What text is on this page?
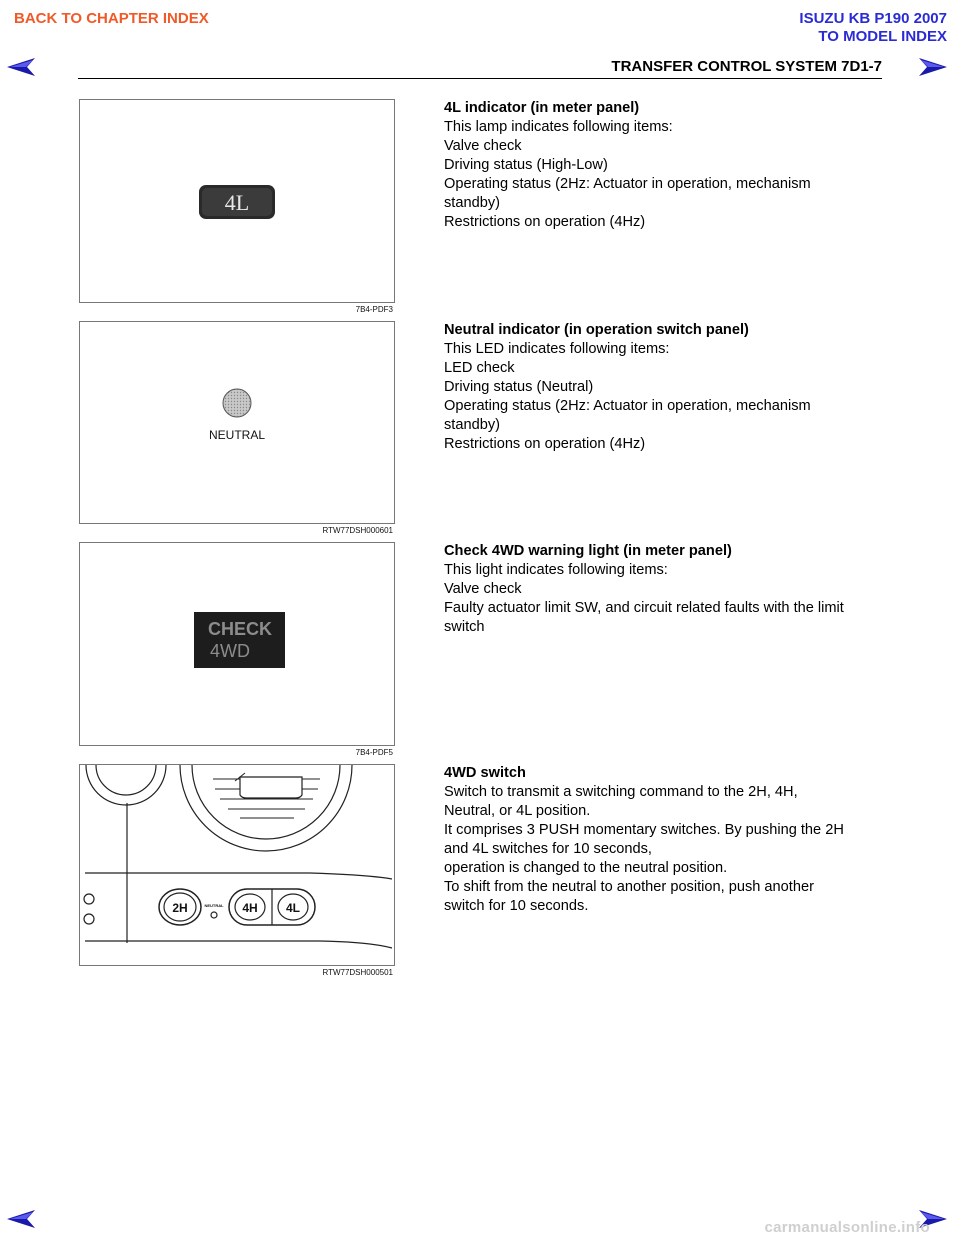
BACK TO CHAPTER INDEX	ISUZU KB P190 2007
TO MODEL INDEX
TRANSFER CONTROL SYSTEM 7D1-7
4L
7B4-PDF3
4L indicator (in meter panel)
This lamp indicates following items:
Valve check
Driving status (High-Low)
Operating status (2Hz: Actuator in operation, mechanism
standby)
Restrictions on operation (4Hz)
NEUTRAL
RTW77DSH000601
Neutral indicator (in operation switch panel)
This LED indicates following items:
LED check
Driving status (Neutral)
Operating status (2Hz: Actuator in operation, mechanism
standby)
Restrictions on operation (4Hz)
CHECK
4WD
7B4-PDF5
Check 4WD warning light (in meter panel)
This light indicates following items:
Valve check
Faulty actuator limit SW, and circuit related faults with the limit
switch
2H	4H 4L
NEUTRAL
RTW77DSH000501
4WD switch
Switch to transmit a switching command to the 2H, 4H,
Neutral, or 4L position.
It comprises 3 PUSH momentary switches. By pushing the 2H
and 4L switches for 10 seconds,
operation is changed to the neutral position.
To shift from the neutral to another position, push another
switch for 10 seconds.
carmanualsonline.info
